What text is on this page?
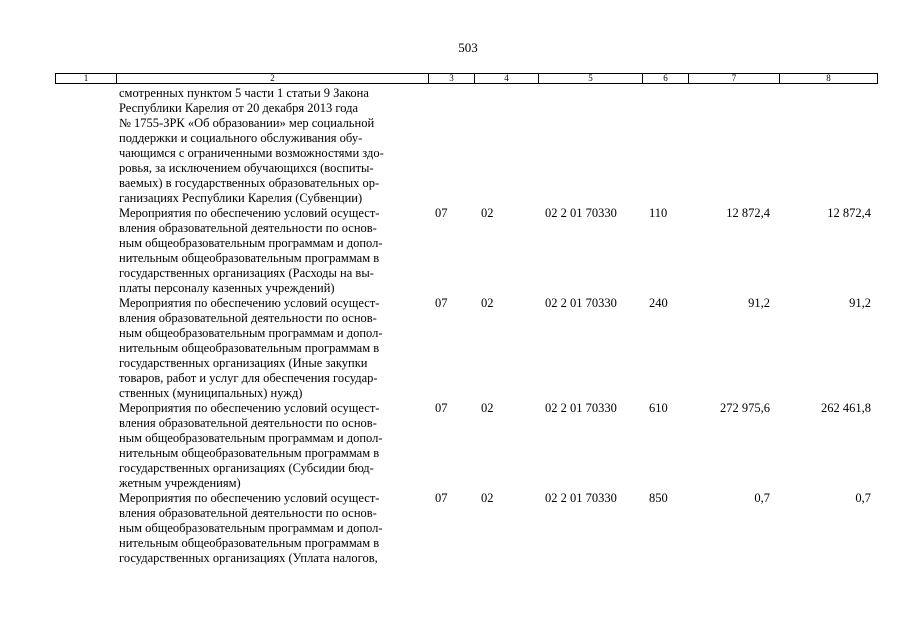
503
1	2	3	4	5	6	7	8
смотренных пунктом 5 части 1 статьи 9 Закона
Республики Карелия от 20 декабря 2013 года
№ 1755-ЗРК «Об образовании» мер социальной
поддержки и социального обслуживания обу-
чающимся с ограниченными возможностями здо-
ровья, за исключением обучающихся (воспиты-
ваемых) в государственных образовательных ор-
ганизациях Республики Карелия (Субвенции)
Мероприятия по обеспечению условий осущест-
вления образовательной деятельности по основ-
ным общеобразовательным программам и допол-
нительным общеобразовательным программам в
государственных организациях (Расходы на вы-
платы персоналу казенных учреждений)
07	02	02 2 01 70330	110	12 872,4	12 872,4
Мероприятия по обеспечению условий осущест-
вления образовательной деятельности по основ-
ным общеобразовательным программам и допол-
нительным общеобразовательным программам в
государственных организациях (Иные закупки
товаров, работ и услуг для обеспечения государ-
ственных (муниципальных) нужд)
07	02	02 2 01 70330	240	91,2	91,2
Мероприятия по обеспечению условий осущест-
вления образовательной деятельности по основ-
ным общеобразовательным программам и допол-
нительным общеобразовательным программам в
государственных организациях (Субсидии бюд-
жетным учреждениям)
07	02	02 2 01 70330	610	272 975,6	262 461,8
Мероприятия по обеспечению условий осущест-
вления образовательной деятельности по основ-
ным общеобразовательным программам и допол-
нительным общеобразовательным программам в
государственных организациях (Уплата налогов,
07	02	02 2 01 70330	850	0,7	0,7
